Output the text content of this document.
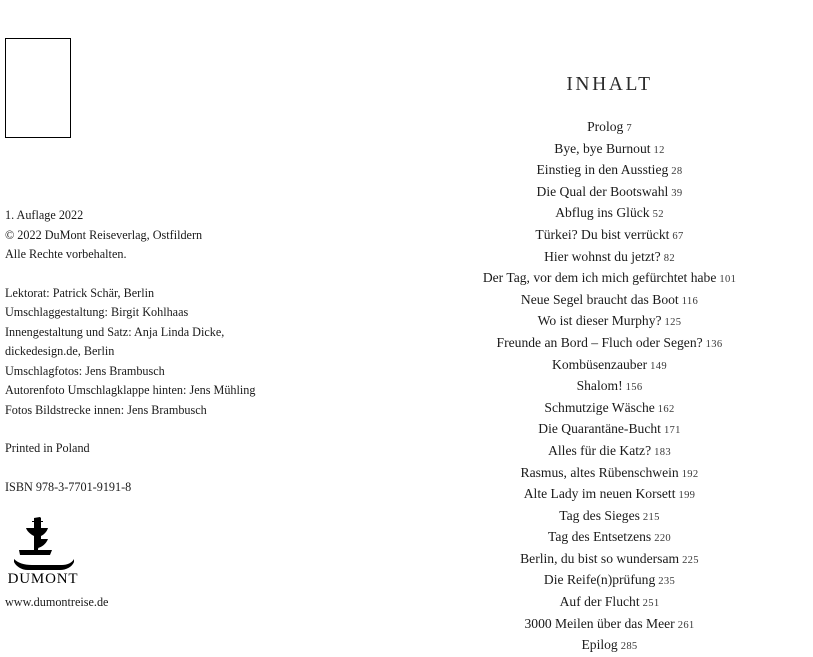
1. Auflage 2022

© 2022 DuMont Reiseverlag, Ostfildern

Alle Rechte vorbehalten.

Lektorat: Patrick Schär, Berlin

Umschlaggestaltung: Birgit Kohlhaas

Innengestaltung und Satz: Anja Linda Dicke,

dickedesign.de, Berlin

Umschlagfotos: Jens Brambusch

Autorenfoto Umschlagklappe hinten: Jens Mühling

Fotos Bildstrecke innen: Jens Brambusch

Printed in Poland

ISBN 978-3-7701-9191-8

DUMONT
www.dumontreise.de
INHALT
Prolog 7
Bye, bye Burnout 12
Einstieg in den Ausstieg 28
Die Qual der Bootswahl 39
Abflug ins Glück 52
Türkei? Du bist verrückt 67
Hier wohnst du jetzt? 82
Der Tag, vor dem ich mich gefürchtet habe 101
Neue Segel braucht das Boot 116
Wo ist dieser Murphy? 125
Freunde an Bord – Fluch oder Segen? 136
Kombüsenzauber 149
Shalom! 156
Schmutzige Wäsche 162
Die Quarantäne-Bucht 171
Alles für die Katz? 183
Rasmus, altes Rübenschwein 192
Alte Lady im neuen Korsett 199
Tag des Sieges 215
Tag des Entsetzens 220
Berlin, du bist so wundersam 225
Die Reife(n)prüfung 235
Auf der Flucht 251
3000 Meilen über das Meer 261
Epilog 285
